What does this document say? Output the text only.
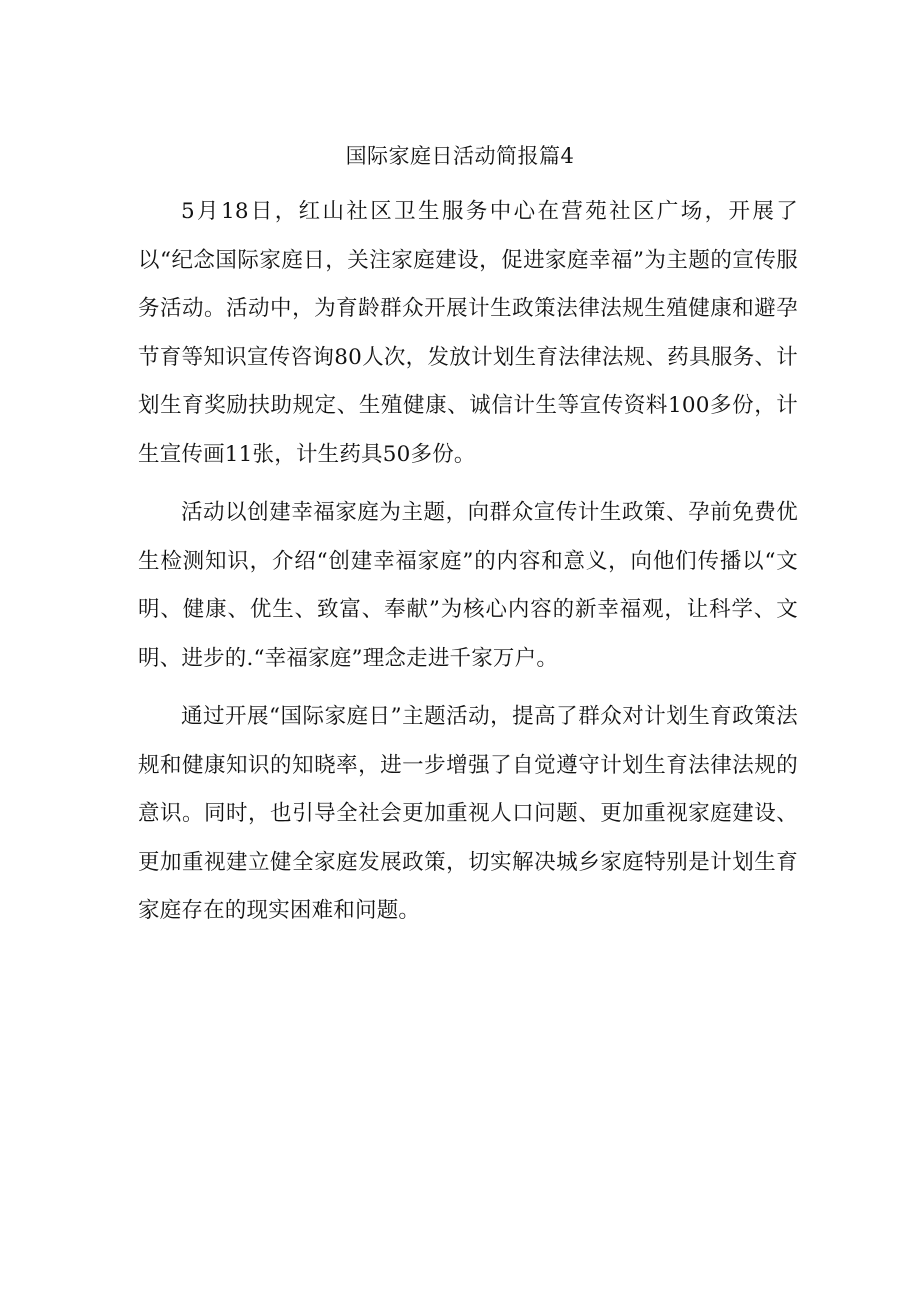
国际家庭日活动简报篇4

5月18日，红山社区卫生服务中心在营苑社区广场，开展了以“纪念国际家庭日，关注家庭建设，促进家庭幸福”为主题的宣传服务活动。活动中，为育龄群众开展计生政策法律法规生殖健康和避孕节育等知识宣传咨询80人次，发放计划生育法律法规、药具服务、计划生育奖励扶助规定、生殖健康、诚信计生等宣传资料100多份，计生宣传画11张，计生药具50多份。

活动以创建幸福家庭为主题，向群众宣传计生政策、孕前免费优生检测知识，介绍“创建幸福家庭”的内容和意义，向他们传播以“文明、健康、优生、致富、奉献”为核心内容的新幸福观，让科学、文明、进步的.“幸福家庭”理念走进千家万户。

通过开展“国际家庭日”主题活动，提高了群众对计划生育政策法规和健康知识的知晓率，进一步增强了自觉遵守计划生育法律法规的意识。同时，也引导全社会更加重视人口问题、更加重视家庭建设、更加重视建立健全家庭发展政策，切实解决城乡家庭特别是计划生育家庭存在的现实困难和问题。
